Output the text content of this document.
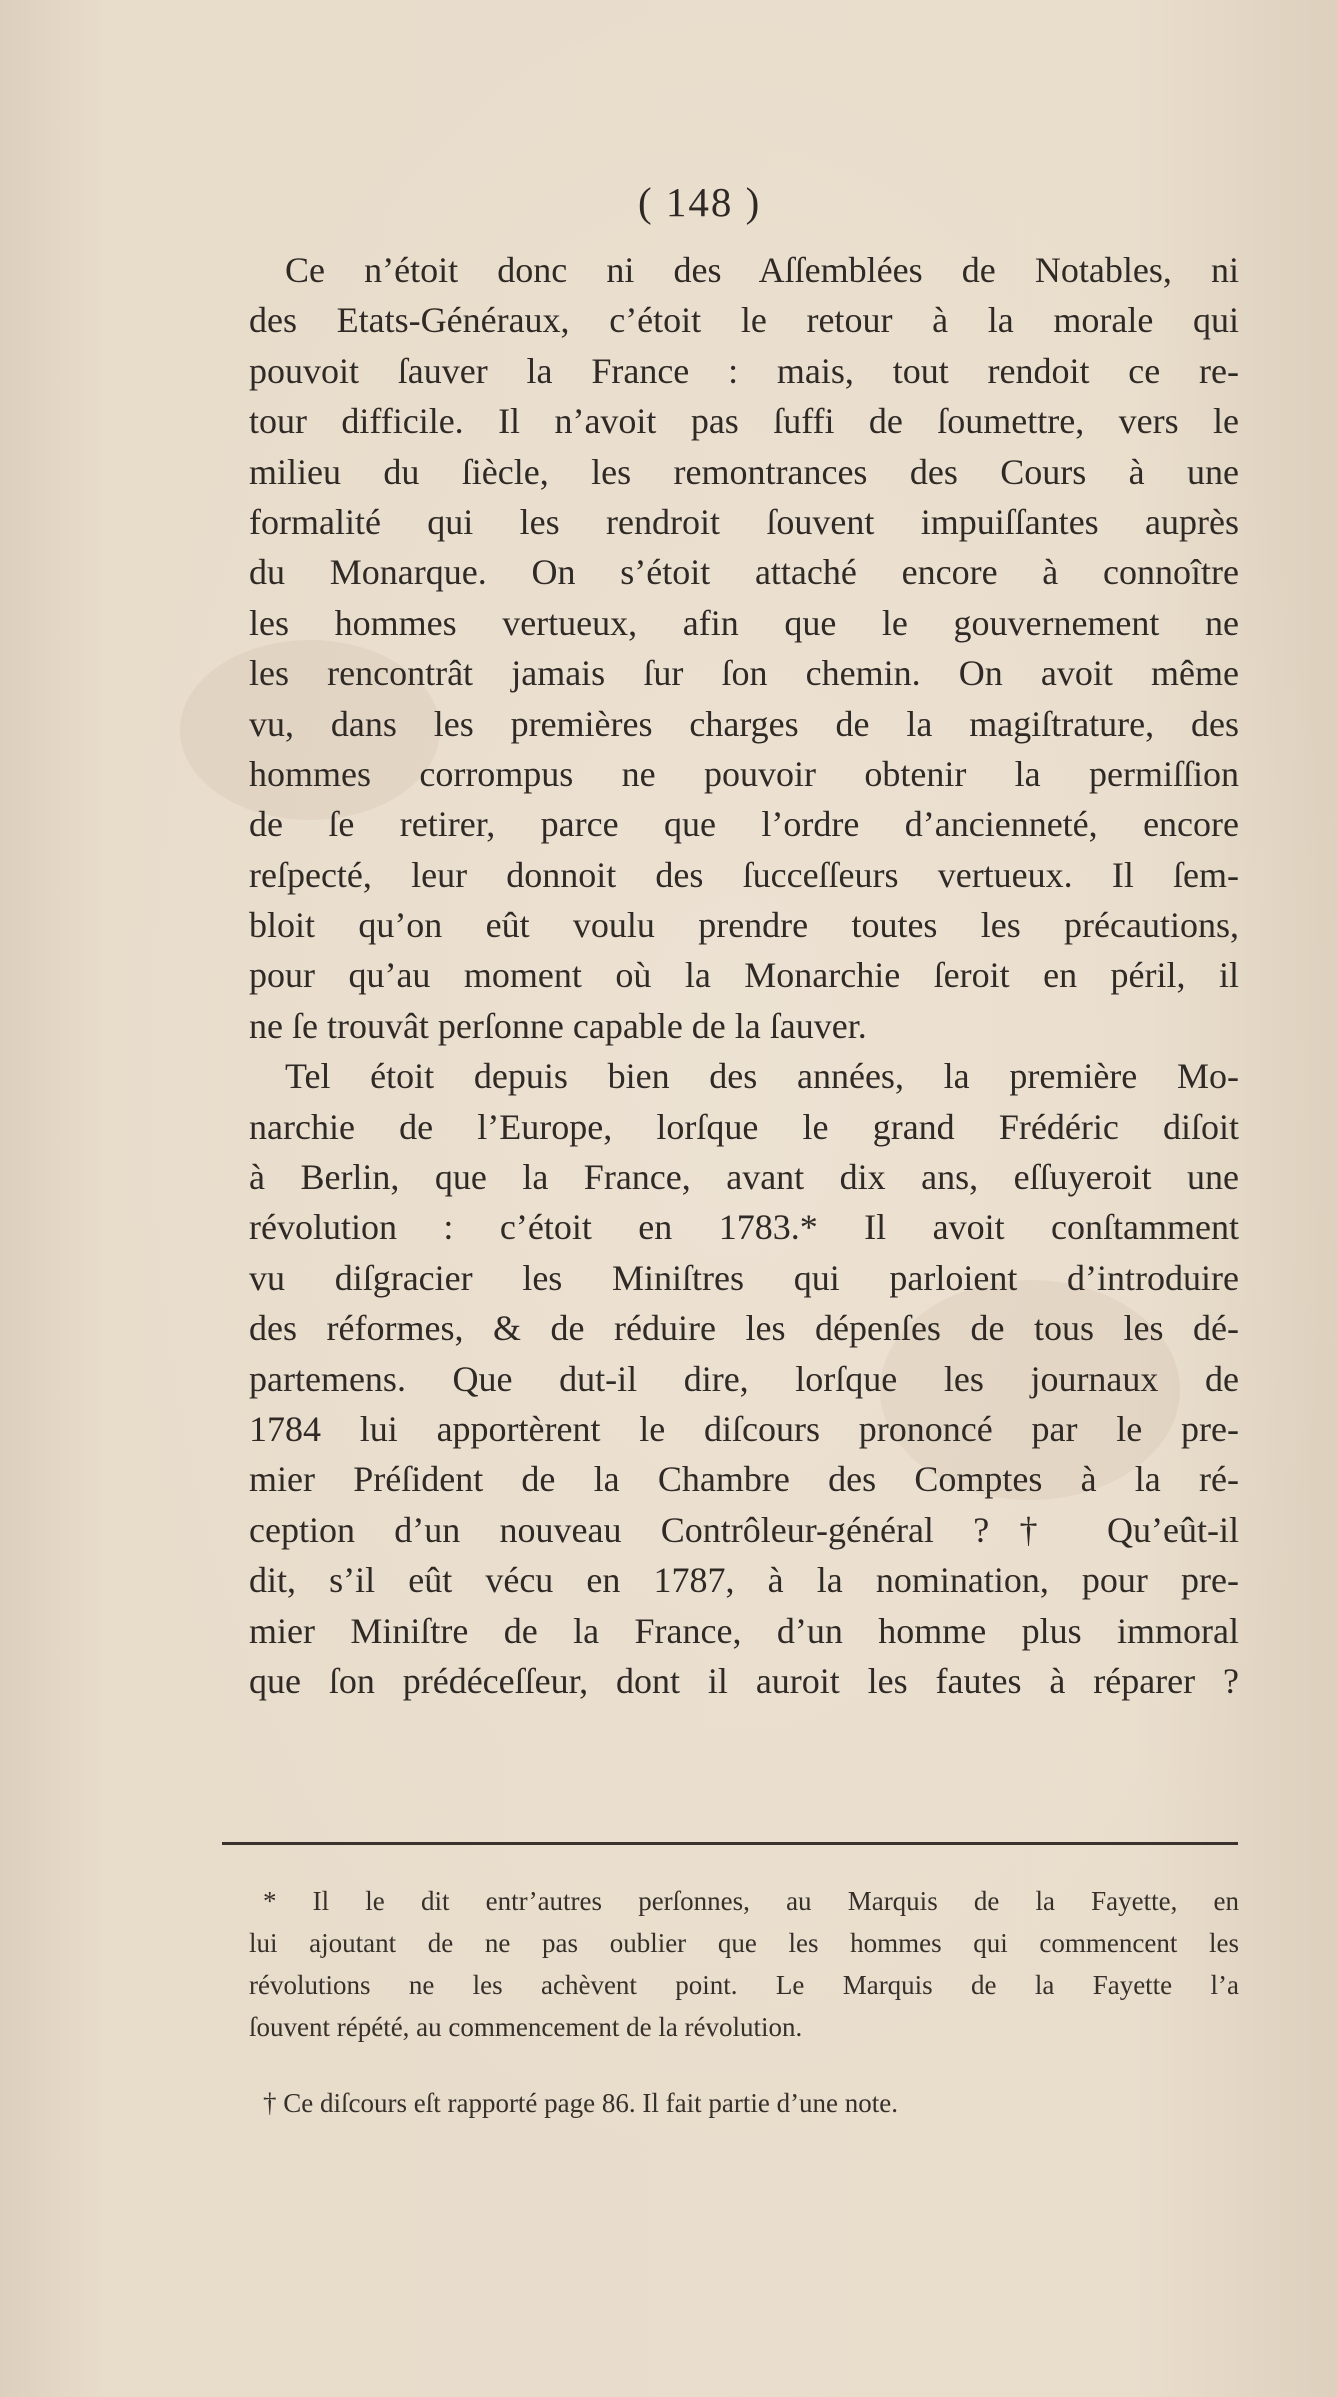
( 148 )
Ce n’étoit donc ni des Aſſemblées de Notables, ni
des Etats-Généraux, c’étoit le retour à la morale qui
pouvoit ſauver la France : mais, tout rendoit ce re-
tour difficile. Il n’avoit pas ſuffi de ſoumettre, vers le
milieu du ſiècle, les remontrances des Cours à une
formalité qui les rendroit ſouvent impuiſſantes auprès
du Monarque. On s’étoit attaché encore à connoître
les hommes vertueux, afin que le gouvernement ne
les rencontrât jamais ſur ſon chemin. On avoit même
vu, dans les premières charges de la magiſtrature, des
hommes corrompus ne pouvoir obtenir la permiſſion
de ſe retirer, parce que l’ordre d’ancienneté, encore
reſpecté, leur donnoit des ſucceſſeurs vertueux. Il ſem-
bloit qu’on eût voulu prendre toutes les précautions,
pour qu’au moment où la Monarchie ſeroit en péril, il
ne ſe trouvât perſonne capable de la ſauver.
Tel étoit depuis bien des années, la première Mo-
narchie de l’Europe, lorſque le grand Frédéric diſoit
à Berlin, que la France, avant dix ans, eſſuyeroit une
révolution : c’étoit en 1783.* Il avoit conſtamment
vu diſgracier les Miniſtres qui parloient d’introduire
des réformes, & de réduire les dépenſes de tous les dé-
partemens. Que dut-il dire, lorſque les journaux de
1784 lui apportèrent le diſcours prononcé par le pre-
mier Préſident de la Chambre des Comptes à la ré-
ception d’un nouveau Contrôleur-général ?† Qu’eût-il
dit, s’il eût vécu en 1787, à la nomination, pour pre-
mier Miniſtre de la France, d’un homme plus immoral
que ſon prédéceſſeur, dont il auroit les fautes à réparer ?
* Il le dit entr’autres perſonnes, au Marquis de la Fayette, en
lui ajoutant de ne pas oublier que les hommes qui commencent les
révolutions ne les achèvent point. Le Marquis de la Fayette l’a
ſouvent répété, au commencement de la révolution.
† Ce diſcours eſt rapporté page 86. Il fait partie d’une note.
